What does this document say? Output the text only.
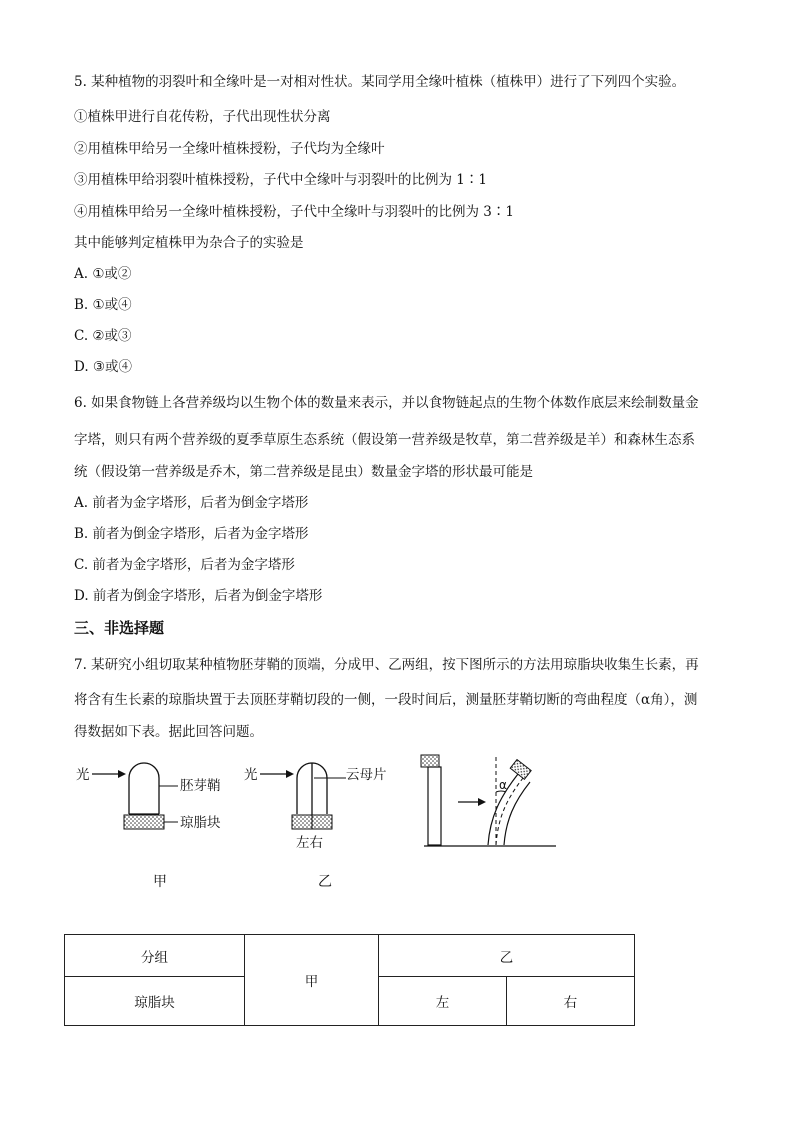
5. 某种植物的羽裂叶和全缘叶是一对相对性状。某同学用全缘叶植株（植株甲）进行了下列四个实验。
①植株甲进行自花传粉，子代出现性状分离
②用植株甲给另一全缘叶植株授粉，子代均为全缘叶
③用植株甲给羽裂叶植株授粉，子代中全缘叶与羽裂叶的比例为 1∶1
④用植株甲给另一全缘叶植株授粉，子代中全缘叶与羽裂叶的比例为 3∶1
其中能够判定植株甲为杂合子的实验是
A. ①或②
B. ①或④
C. ②或③
D. ③或④
6. 如果食物链上各营养级均以生物个体的数量来表示，并以食物链起点的生物个体数作底层来绘制数量金
字塔，则只有两个营养级的夏季草原生态系统（假设第一营养级是牧草，第二营养级是羊）和森林生态系
统（假设第一营养级是乔木，第二营养级是昆虫）数量金字塔的形状最可能是
A. 前者为金字塔形，后者为倒金字塔形
B. 前者为倒金字塔形，后者为金字塔形
C. 前者为金字塔形，后者为金字塔形
D. 前者为倒金字塔形，后者为倒金字塔形
三、非选择题
7. 某研究小组切取某种植物胚芽鞘的顶端，分成甲、乙两组，按下图所示的方法用琼脂块收集生长素，再
将含有生长素的琼脂块置于去顶胚芽鞘切段的一侧，一段时间后，测量胚芽鞘切断的弯曲程度（α角），测
得数据如下表。据此回答问题。
光
胚芽鞘
琼脂块
甲
光	云母片
左右
乙
α
分组	甲	乙	
琼脂块		左	右
